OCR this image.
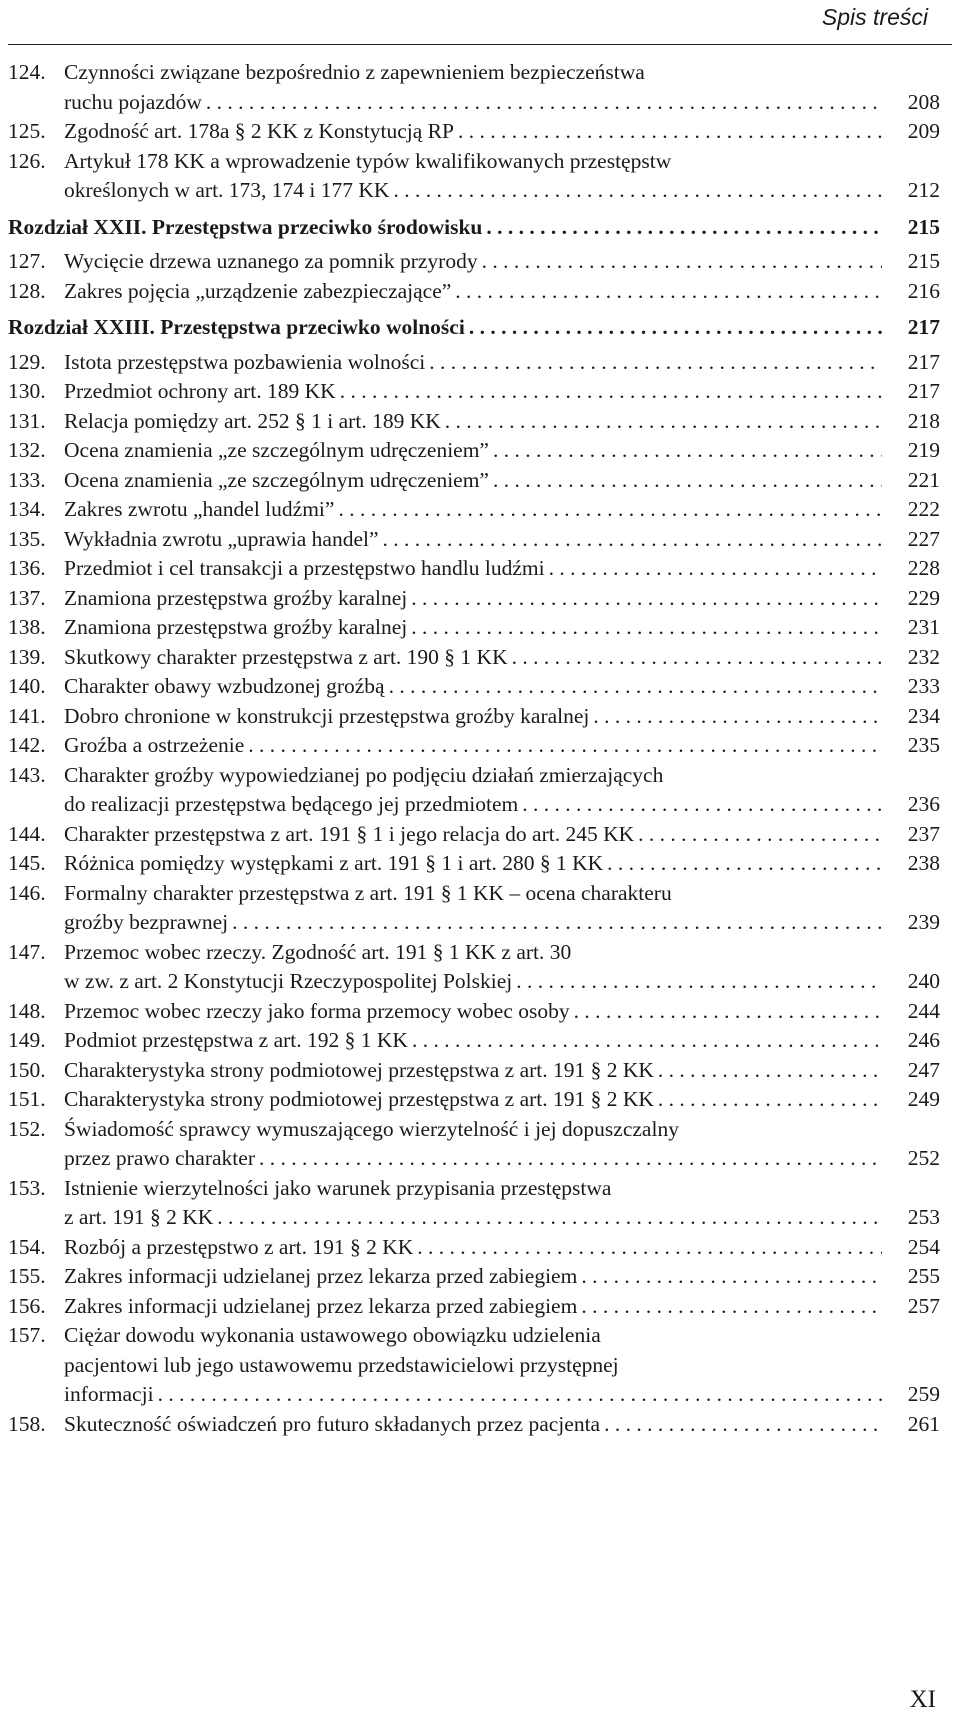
Spis treści
124. Czynności związane bezpośrednio z zapewnieniem bezpieczeństwa
ruchu pojazdów . . .	208
125. Zgodność art. 178a § 2 KK z Konstytucją RP . . .	209
126. Artykuł 178 KK a wprowadzenie typów kwalifikowanych przestępstw
określonych w art. 173, 174 i 177 KK . . .	212
Rozdział XXII. Przestępstwa przeciwko środowisku . . .	215
127. Wycięcie drzewa uznanego za pomnik przyrody . . .	215
128. Zakres pojęcia „urządzenie zabezpieczające” . . .	216
Rozdział XXIII. Przestępstwa przeciwko wolności . . .	217
129. Istota przestępstwa pozbawienia wolności . . .	217
130. Przedmiot ochrony art. 189 KK . . .	217
131. Relacja pomiędzy art. 252 § 1 i art. 189 KK . . .	218
132. Ocena znamienia „ze szczególnym udręczeniem” . . .	219
133. Ocena znamienia „ze szczególnym udręczeniem” . . .	221
134. Zakres zwrotu „handel ludźmi” . . .	222
135. Wykładnia zwrotu „uprawia handel” . . .	227
136. Przedmiot i cel transakcji a przestępstwo handlu ludźmi . . .	228
137. Znamiona przestępstwa groźby karalnej . . .	229
138. Znamiona przestępstwa groźby karalnej . . .	231
139. Skutkowy charakter przestępstwa z art. 190 § 1 KK . . .	232
140. Charakter obawy wzbudzonej groźbą . . .	233
141. Dobro chronione w konstrukcji przestępstwa groźby karalnej . . .	234
142. Groźba a ostrzeżenie . . .	235
143. Charakter groźby wypowiedzianej po podjęciu działań zmierzających
do realizacji przestępstwa będącego jej przedmiotem . . .	236
144. Charakter przestępstwa z art. 191 § 1 i jego relacja do art. 245 KK . . .	237
145. Różnica pomiędzy występkami z art. 191 § 1 i art. 280 § 1 KK . . .	238
146. Formalny charakter przestępstwa z art. 191 § 1 KK – ocena charakteru
groźby bezprawnej . . .	239
147. Przemoc wobec rzeczy. Zgodność art. 191 § 1 KK z art. 30
w zw. z art. 2 Konstytucji Rzeczypospolitej Polskiej . . .	240
148. Przemoc wobec rzeczy jako forma przemocy wobec osoby . . .	244
149. Podmiot przestępstwa z art. 192 § 1 KK . . .	246
150. Charakterystyka strony podmiotowej przestępstwa z art. 191 § 2 KK . . .	247
151. Charakterystyka strony podmiotowej przestępstwa z art. 191 § 2 KK . . .	249
152. Świadomość sprawcy wymuszającego wierzytelność i jej dopuszczalny
przez prawo charakter . . .	252
153. Istnienie wierzytelności jako warunek przypisania przestępstwa
z art. 191 § 2 KK . . .	253
154. Rozbój a przestępstwo z art. 191 § 2 KK . . .	254
155. Zakres informacji udzielanej przez lekarza przed zabiegiem . . .	255
156. Zakres informacji udzielanej przez lekarza przed zabiegiem . . .	257
157. Ciężar dowodu wykonania ustawowego obowiązku udzielenia
pacjentowi lub jego ustawowemu przedstawicielowi przystępnej
informacji . . .	259
158. Skuteczność oświadczeń pro futuro składanych przez pacjenta . . .	261
XI
